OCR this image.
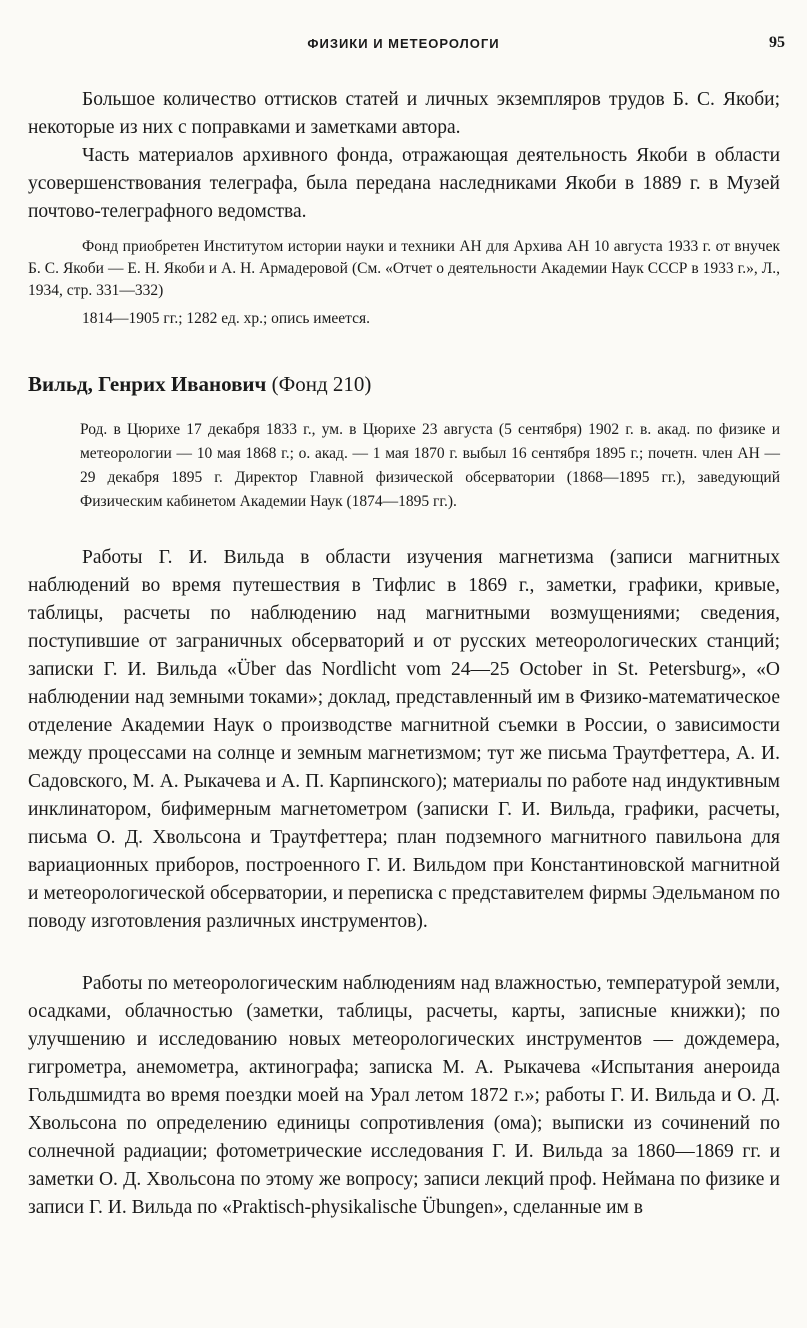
ФИЗИКИ И МЕТЕОРОЛОГИ	95
Большое количество оттисков статей и личных экземпляров трудов Б. С. Якоби; некоторые из них с поправками и заметками автора.
Часть материалов архивного фонда, отражающая деятельность Якоби в области усовершенствования телеграфа, была передана наследниками Якоби в 1889 г. в Музей почтово-телеграфного ведомства.
Фонд приобретен Институтом истории науки и техники АН для Архива АН 10 августа 1933 г. от внучек Б. С. Якоби — Е. Н. Якоби и А. Н. Армадеровой (См. «Отчет о деятельности Академии Наук СССР в 1933 г.», Л., 1934, стр. 331—332)
1814—1905 гг.; 1282 ед. хр.; опись имеется.
Вильд, Генрих Иванович (Фонд 210)
Род. в Цюрихе 17 декабря 1833 г., ум. в Цюрихе 23 августа (5 сентября) 1902 г. в. акад. по физике и метеорологии — 10 мая 1868 г.; о. акад. — 1 мая 1870 г. выбыл 16 сентября 1895 г.; почетн. член АН — 29 декабря 1895 г. Директор Главной физической обсерватории (1868—1895 гг.), заведующий Физическим кабинетом Академии Наук (1874—1895 гг.).
Работы Г. И. Вильда в области изучения магнетизма (записи магнитных наблюдений во время путешествия в Тифлис в 1869 г., заметки, графики, кривые, таблицы, расчеты по наблюдению над магнитными возмущениями; сведения, поступившие от заграничных обсерваторий и от русских метеорологических станций; записки Г. И. Вильда «Über das Nordlicht vom 24—25 October in St. Petersburg», «О наблюдении над земными токами»; доклад, представленный им в Физико-математическое отделение Академии Наук о производстве магнитной съемки в России, о зависимости между процессами на солнце и земным магнетизмом; тут же письма Траутфеттера, А. И. Садовского, М. А. Рыкачева и А. П. Карпинского); материалы по работе над индуктивным инклинатором, бифимерным магнетометром (записки Г. И. Вильда, графики, расчеты, письма О. Д. Хвольсона и Траутфеттера; план подземного магнитного павильона для вариационных приборов, построенного Г. И. Вильдом при Константиновской магнитной и метеорологической обсерватории, и переписка с представителем фирмы Эдельманом по поводу изготовления различных инструментов).
Работы по метеорологическим наблюдениям над влажностью, температурой земли, осадками, облачностью (заметки, таблицы, расчеты, карты, записные книжки); по улучшению и исследованию новых метеорологических инструментов — дождемера, гигрометра, анемометра, актинографа; записка М. А. Рыкачева «Испытания анероида Гольдшмидта во время поездки моей на Урал летом 1872 г.»; работы Г. И. Вильда и О. Д. Хвольсона по определению единицы сопротивления (ома); выписки из сочинений по солнечной радиации; фотометрические исследования Г. И. Вильда за 1860—1869 гг. и заметки О. Д. Хвольсона по этому же вопросу; записи лекций проф. Неймана по физике и записи Г. И. Вильда по «Praktisch-physikalische Übungen», сделанные им в
